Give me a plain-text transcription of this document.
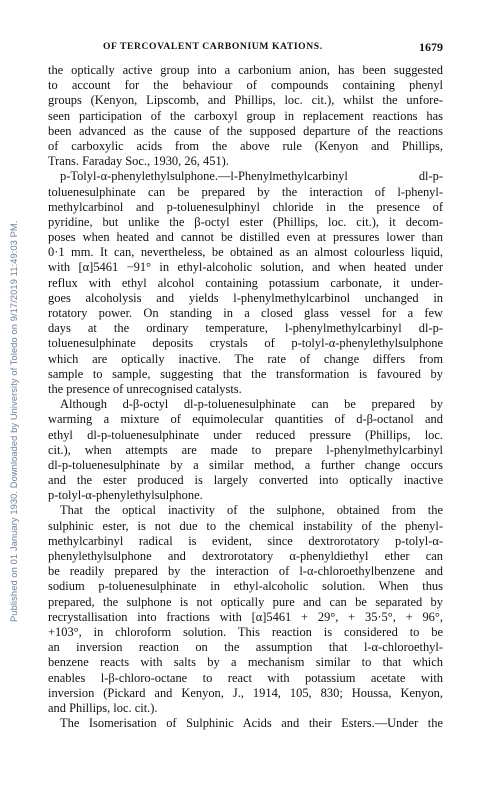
Published on 01 January 1930. Downloaded by University of Toledo on 9/17/2019 11:49:03 PM.
OF TERCOVALENT CARBONIUM KATIONS.	1679
the optically active group into a carbonium anion, has been suggested
to account for the behaviour of compounds containing phenyl
groups (Kenyon, Lipscomb, and Phillips, loc. cit.), whilst the unfore-
seen participation of the carboxyl group in replacement reactions has
been advanced as the cause of the supposed departure of the reactions
of carboxylic acids from the above rule (Kenyon and Phillips,
Trans. Faraday Soc., 1930, 26, 451).
p-Tolyl-α-phenylethylsulphone.—l-Phenylmethylcarbinyl dl-p-
toluenesulphinate can be prepared by the interaction of l-phenyl-
methylcarbinol and p-toluenesulphinyl chloride in the presence of
pyridine, but unlike the β-octyl ester (Phillips, loc. cit.), it decom-
poses when heated and cannot be distilled even at pressures lower than
0·1 mm. It can, nevertheless, be obtained as an almost colourless liquid,
with [α]5461 −91° in ethyl-alcoholic solution, and when heated under
reflux with ethyl alcohol containing potassium carbonate, it under-
goes alcoholysis and yields l-phenylmethylcarbinol unchanged in
rotatory power. On standing in a closed glass vessel for a few
days at the ordinary temperature, l-phenylmethylcarbinyl dl-p-
toluenesulphinate deposits crystals of p-tolyl-α-phenylethylsulphone
which are optically inactive. The rate of change differs from
sample to sample, suggesting that the transformation is favoured by
the presence of unrecognised catalysts.
Although d-β-octyl dl-p-toluenesulphinate can be prepared by
warming a mixture of equimolecular quantities of d-β-octanol and
ethyl dl-p-toluenesulphinate under reduced pressure (Phillips, loc.
cit.), when attempts are made to prepare l-phenylmethylcarbinyl
dl-p-toluenesulphinate by a similar method, a further change occurs
and the ester produced is largely converted into optically inactive
p-tolyl-α-phenylethylsulphone.
That the optical inactivity of the sulphone, obtained from the
sulphinic ester, is not due to the chemical instability of the phenyl-
methylcarbinyl radical is evident, since dextrorotatory p-tolyl-α-
phenylethylsulphone and dextrorotatory α-phenyldiethyl ether can
be readily prepared by the interaction of l-α-chloroethylbenzene and
sodium p-toluenesulphinate in ethyl-alcoholic solution. When thus
prepared, the sulphone is not optically pure and can be separated by
recrystallisation into fractions with [α]5461 + 29°, + 35·5°, + 96°,
+103°, in chloroform solution. This reaction is considered to be
an inversion reaction on the assumption that l-α-chloroethyl-
benzene reacts with salts by a mechanism similar to that which
enables l-β-chloro-octane to react with potassium acetate with
inversion (Pickard and Kenyon, J., 1914, 105, 830; Houssa, Kenyon,
and Phillips, loc. cit.).
The Isomerisation of Sulphinic Acids and their Esters.—Under the
